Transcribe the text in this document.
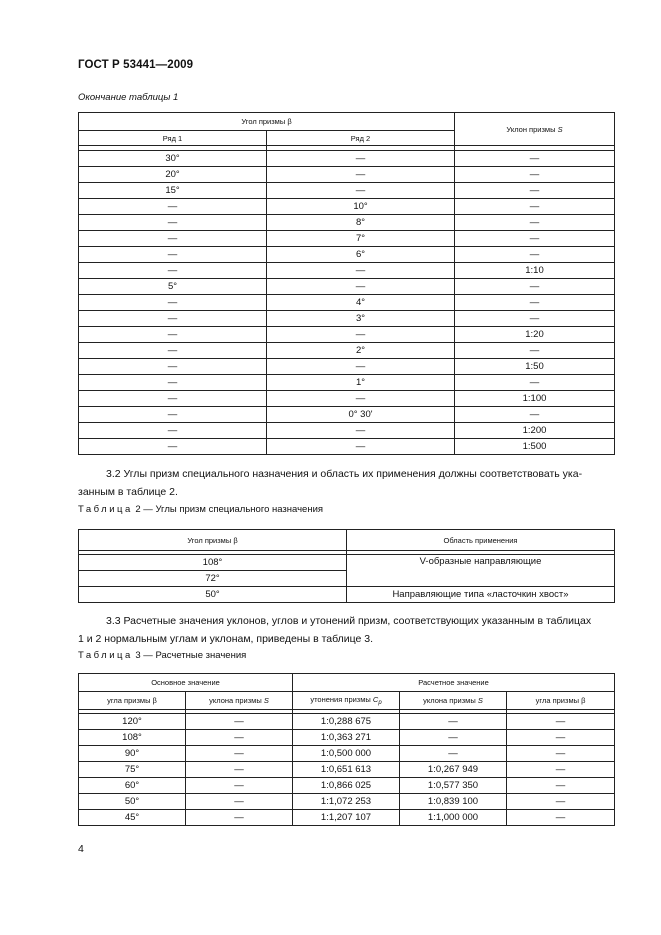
ГОСТ Р 53441—2009
Окончание таблицы 1
Угол призмы β		Уклон призмы S
Ряд 1	Ряд 2	

30°	—	—
20°	—	—
15°	—	—
—	10°	—
—	8°	—
—	7°	—
—	6°	—
—	—	1:10
5°	—	—
—	4°	—
—	3°	—
—	—	1:20
—	2°	—
—	—	1:50
—	1°	—
—	—	1:100
—	0° 30'	—
—	—	1:200
—	—	1:500
3.2 Углы призм специального назначения и область их применения должны соответствовать ука-
занным в таблице 2.
Таблица 2 — Углы призм специального назначения
Угол призмы β	Область применения

108°	V-образные направляющие
72°	
50°	Направляющие типа «ласточкин хвост»
3.3 Расчетные значения уклонов, углов и утонений призм, соответствующих указанным в таблицах
1 и 2 нормальным углам и уклонам, приведены в таблице 3.
Таблица 3 — Расчетные значения
Основное значение		Расчетное значение		
угла призмы β	уклона призмы S	утонения призмы $C_p$	уклона призмы S	угла призмы β

120°	—	1:0,288 675	—	—
108°	—	1:0,363 271	—	—
90°	—	1:0,500 000	—	—
75°	—	1:0,651 613	1:0,267 949	—
60°	—	1:0,866 025	1:0,577 350	—
50°	—	1:1,072 253	1:0,839 100	—
45°	—	1:1,207 107	1:1,000 000	—
4
